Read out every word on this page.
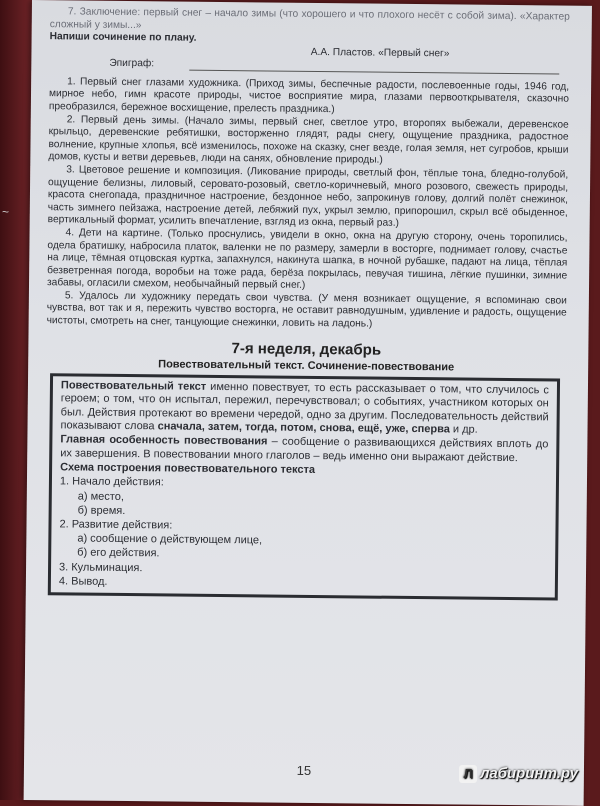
~

7. Заключение: первый снег – начало зимы (что хорошего и что плохого несёт с собой зима). «Характер сложный у зимы...»

Напиши сочинение по плану.

А.А. Пластов. «Первый снег»
Эпиграф:

1. Первый снег глазами художника. (Приход зимы, беспечные радости, послевоенные годы, 1946 год, мирное небо, гимн красоте природы, чистое восприятие мира, глазами первооткрывателя, сказочно преобразился, бережное восхищение, прелесть праздника.)

2. Первый день зимы. (Начало зимы, первый снег, светлое утро, второпях выбежали, деревенское крыльцо, деревенские ребятишки, восторженно глядят, рады снегу, ощущение праздника, радостное волнение, крупные хлопья, всё изменилось, похоже на сказку, снег везде, голая земля, нет сугробов, крыши домов, кусты и ветви деревьев, люди на санях, обновление природы.)

3. Цветовое решение и композиция. (Ликование природы, светлый фон, тёплые тона, бледно-голубой, ощущение белизны, лиловый, серовато-розовый, светло-коричневый, много розового, свежесть природы, красота снегопада, праздничное настроение, бездонное небо, запрокинув голову, долгий полёт снежинок, часть зимнего пейзажа, настроение детей, лебяжий пух, укрыл землю, припорошил, скрыл всё обыденное, вертикальный формат, усилить впечатление, взгляд из окна, первый раз.)

4. Дети на картине. (Только проснулись, увидели в окно, окна на другую сторону, очень торопились, одела братишку, набросила платок, валенки не по размеру, замерли в восторге, поднимает голову, счастье на лице, тёмная отцовская куртка, запахнулся, накинута шапка, в ночной рубашке, падают на лица, тёплая безветренная погода, воробьи на тоже рада, берёза покрылась, певучая тишина, лёгкие пушинки, зимние забавы, огласили смехом, необычайный первый снег.)

5. Удалось ли художнику передать свои чувства. (У меня возникает ощущение, я вспоминаю свои чувства, вот так и я, пережить чувство восторга, не оставит равнодушным, удивление и радость, ощущение чистоты, смотреть на снег, танцующие снежинки, ловить на ладонь.)

7-я неделя, декабрь
Повествовательный текст. Сочинение-повествование

Повествовательный текст именно повествует, то есть рассказывает о том, что случилось с героем; о том, что он испытал, пережил, перечувствовал; о событиях, участником которых он был. Действия протекают во времени чередой, одно за другим. Последовательность действий показывают слова сначала, затем, тогда, потом, снова, ещё, уже, сперва и др.

Главная особенность повествования – сообщение о развивающихся действиях вплоть до их завершения. В повествовании много глаголов – ведь именно они выражают действие.

Схема построения повествовательного текста
1. Начало действия:
а) место,
б) время.
2. Развитие действия:
а) сообщение о действующем лице,
б) его действия.
3. Кульминация.
4. Вывод.
15	Л лабиринт.ру
